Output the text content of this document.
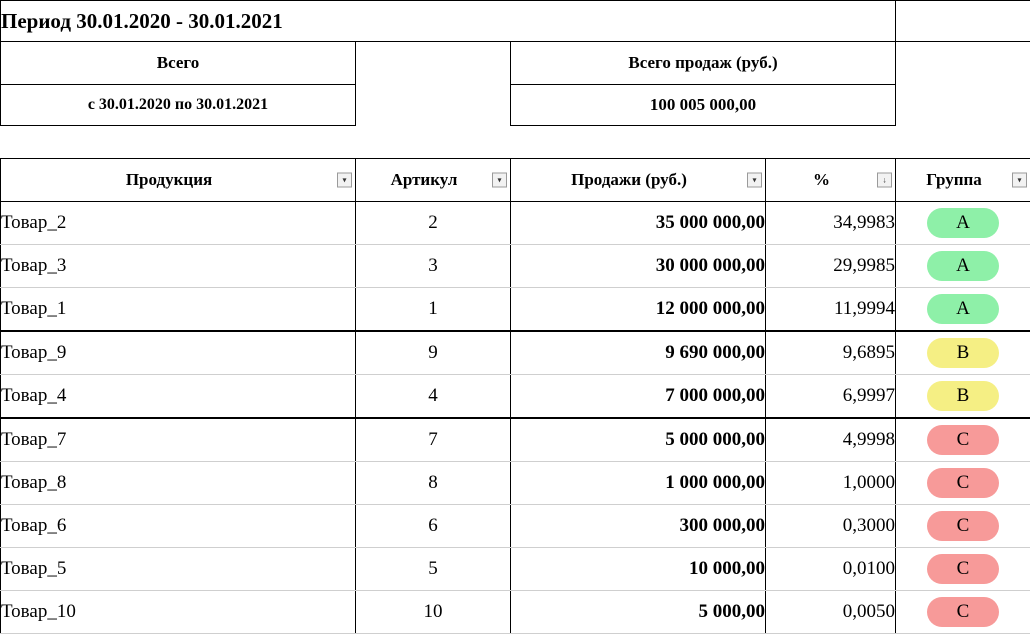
Период 30.01.2020 - 30.01.2021				
Всего		Всего продаж (руб.)		
с 30.01.2020 по 30.01.2021		100 005 000,00		

Продукция ▾	Артикул ▾	Продажи (руб.) ▾	% ↓	Группа ▾

Товар_2	2	35 000 000,00	34,9983	A
Товар_3	3	30 000 000,00	29,9985	A
Товар_1	1	12 000 000,00	11,9994	A
Товар_9	9	9 690 000,00	9,6895	B
Товар_4	4	7 000 000,00	6,9997	B
Товар_7	7	5 000 000,00	4,9998	C
Товар_8	8	1 000 000,00	1,0000	C
Товар_6	6	300 000,00	0,3000	C
Товар_5	5	10 000,00	0,0100	C
Товар_10	10	5 000,00	0,0050	C
